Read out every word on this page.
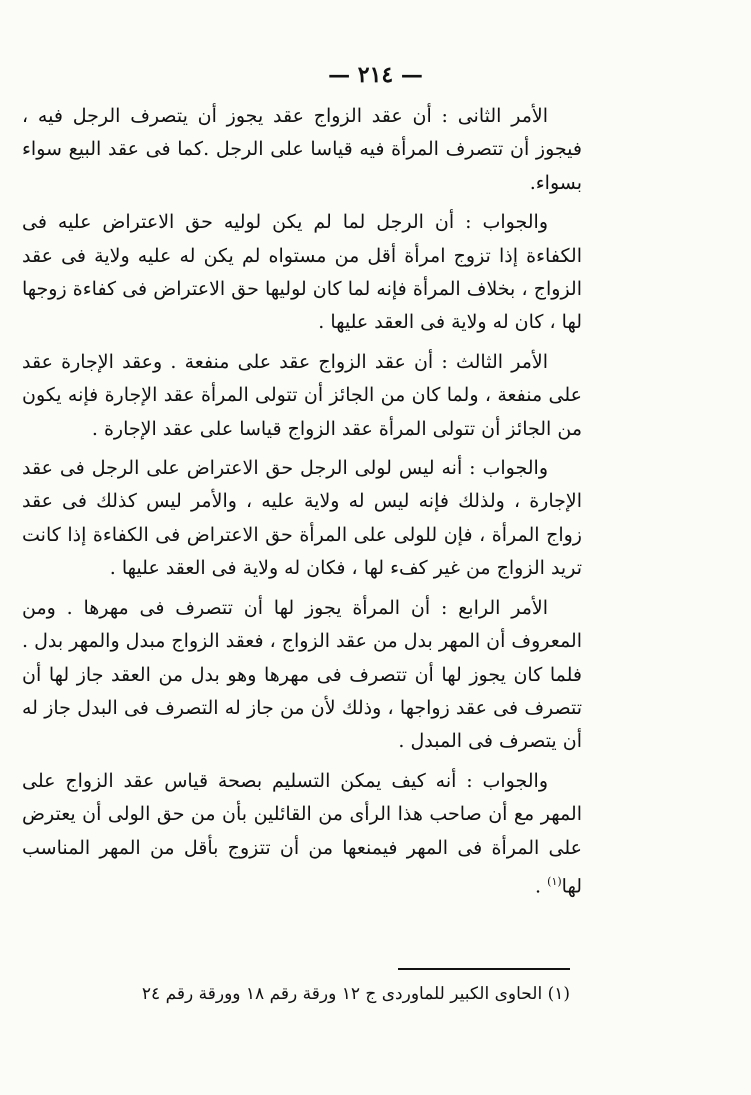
— ٢١٤ —

الأمر الثانى : أن عقد الزواج عقد يجوز أن يتصرف الرجل فيه ، فيجوز أن تتصرف المرأة فيه قياسا على الرجل .كما فى عقد البيع سواء بسواء.

والجواب : أن الرجل لما لم يكن لوليه حق الاعتراض عليه فى الكفاءة إذا تزوج امرأة أقل من مستواه لم يكن له عليه ولاية فى عقد الزواج ، بخلاف المرأة فإنه لما كان لوليها حق الاعتراض فى كفاءة زوجها لها ، كان له ولاية فى العقد عليها .

الأمر الثالث : أن عقد الزواج عقد على منفعة . وعقد الإجارة عقد على منفعة ، ولما كان من الجائز أن تتولى المرأة عقد الإجارة فإنه يكون من الجائز أن تتولى المرأة عقد الزواج قياسا على عقد الإجارة .

والجواب : أنه ليس لولى الرجل حق الاعتراض على الرجل فى عقد الإجارة ، ولذلك فإنه ليس له ولاية عليه ، والأمر ليس كذلك فى عقد زواج المرأة ، فإن للولى على المرأة حق الاعتراض فى الكفاءة إذا كانت تريد الزواج من غير كفء لها ، فكان له ولاية فى العقد عليها .

الأمر الرابع : أن المرأة يجوز لها أن تتصرف فى مهرها . ومن المعروف أن المهر بدل من عقد الزواج ، فعقد الزواج مبدل والمهر بدل . فلما كان يجوز لها أن تتصرف فى مهرها وهو بدل من العقد جاز لها أن تتصرف فى عقد زواجها ، وذلك لأن من جاز له التصرف فى البدل جاز له أن يتصرف فى المبدل .

والجواب : أنه كيف يمكن التسليم بصحة قياس عقد الزواج على المهر مع أن صاحب هذا الرأى من القائلين بأن من حق الولى أن يعترض على المرأة فى المهر فيمنعها من أن تتزوج بأقل من المهر المناسب لها$^{(١)}$ .

(١) الحاوى الكبير للماوردى ج ١٢ ورقة رقم ١٨ وورقة رقم ٢٤
